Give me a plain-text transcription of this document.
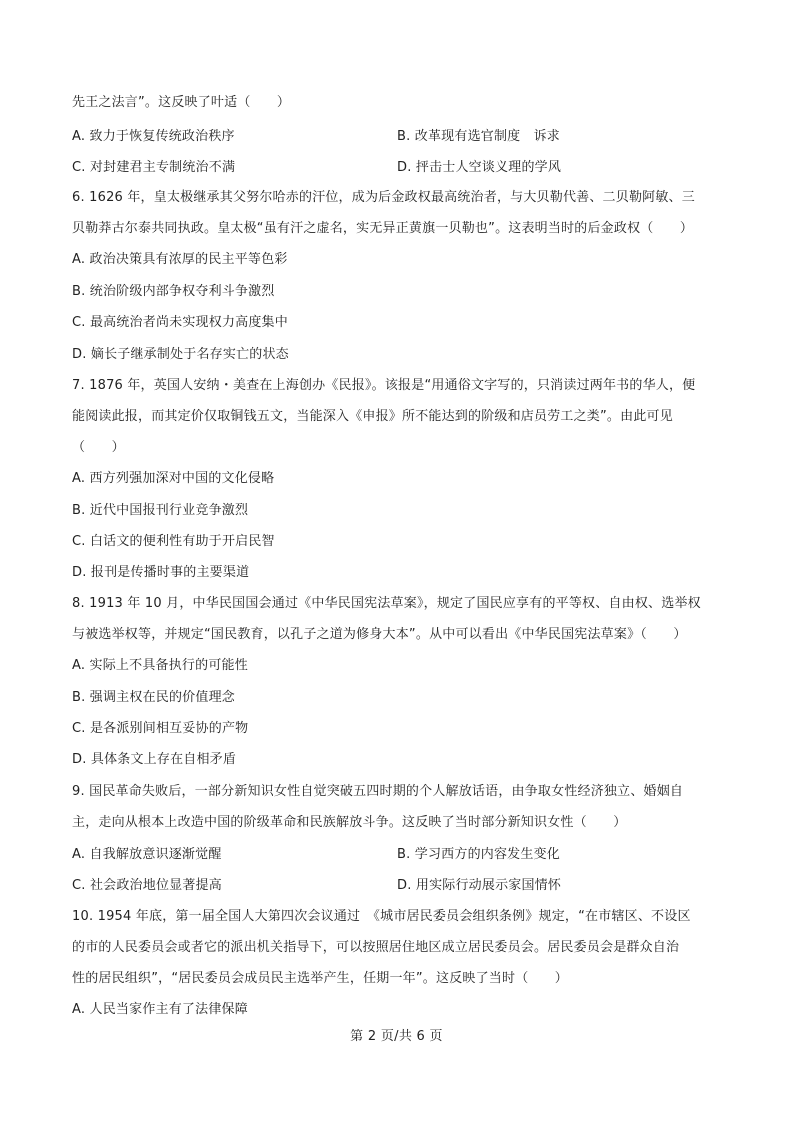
先王之法言”。这反映了叶适（　　）
A. 致力于恢复传统政治秩序	B. 改革现有选官制度　诉求
C. 对封建君主专制统治不满	D. 抨击士人空谈义理的学风
6. 1626 年，皇太极继承其父努尔哈赤的汗位，成为后金政权最高统治者，与大贝勒代善、二贝勒阿敏、三
贝勒莽古尔泰共同执政。皇太极“虽有汗之虚名，实无异正黄旗一贝勒也”。这表明当时的后金政权（　　）
A. 政治决策具有浓厚的民主平等色彩
B. 统治阶级内部争权夺利斗争激烈
C. 最高统治者尚未实现权力高度集中
D. 嫡长子继承制处于名存实亡的状态
7. 1876 年，英国人安纳・美查在上海创办《民报》。该报是“用通俗文字写的，只消读过两年书的华人，便
能阅读此报，而其定价仅取铜钱五文，当能深入《申报》所不能达到的阶级和店员劳工之类”。由此可见
（　　）
A. 西方列强加深对中国的文化侵略
B. 近代中国报刊行业竞争激烈
C. 白话文的便利性有助于开启民智
D. 报刊是传播时事的主要渠道
8. 1913 年 10 月，中华民国国会通过《中华民国宪法草案》，规定了国民应享有的平等权、自由权、选举权
与被选举权等，并规定“国民教育，以孔子之道为修身大本”。从中可以看出《中华民国宪法草案》（　　）
A. 实际上不具备执行的可能性
B. 强调主权在民的价值理念
C. 是各派别间相互妥协的产物
D. 具体条文上存在自相矛盾
9. 国民革命失败后，一部分新知识女性自觉突破五四时期的个人解放话语，由争取女性经济独立、婚姻自
主，走向从根本上改造中国的阶级革命和民族解放斗争。这反映了当时部分新知识女性（　　）
A. 自我解放意识逐渐觉醒	B. 学习西方的内容发生变化
C. 社会政治地位显著提高	D. 用实际行动展示家国情怀
10. 1954 年底，第一届全国人大第四次会议通过　《城市居民委员会组织条例》规定，“在市辖区、不设区
的市的人民委员会或者它的派出机关指导下，可以按照居住地区成立居民委员会。居民委员会是群众自治
性的居民组织”，“居民委员会成员民主选举产生，任期一年”。这反映了当时（　　）
A. 人民当家作主有了法律保障
第 2 页/共 6 页
